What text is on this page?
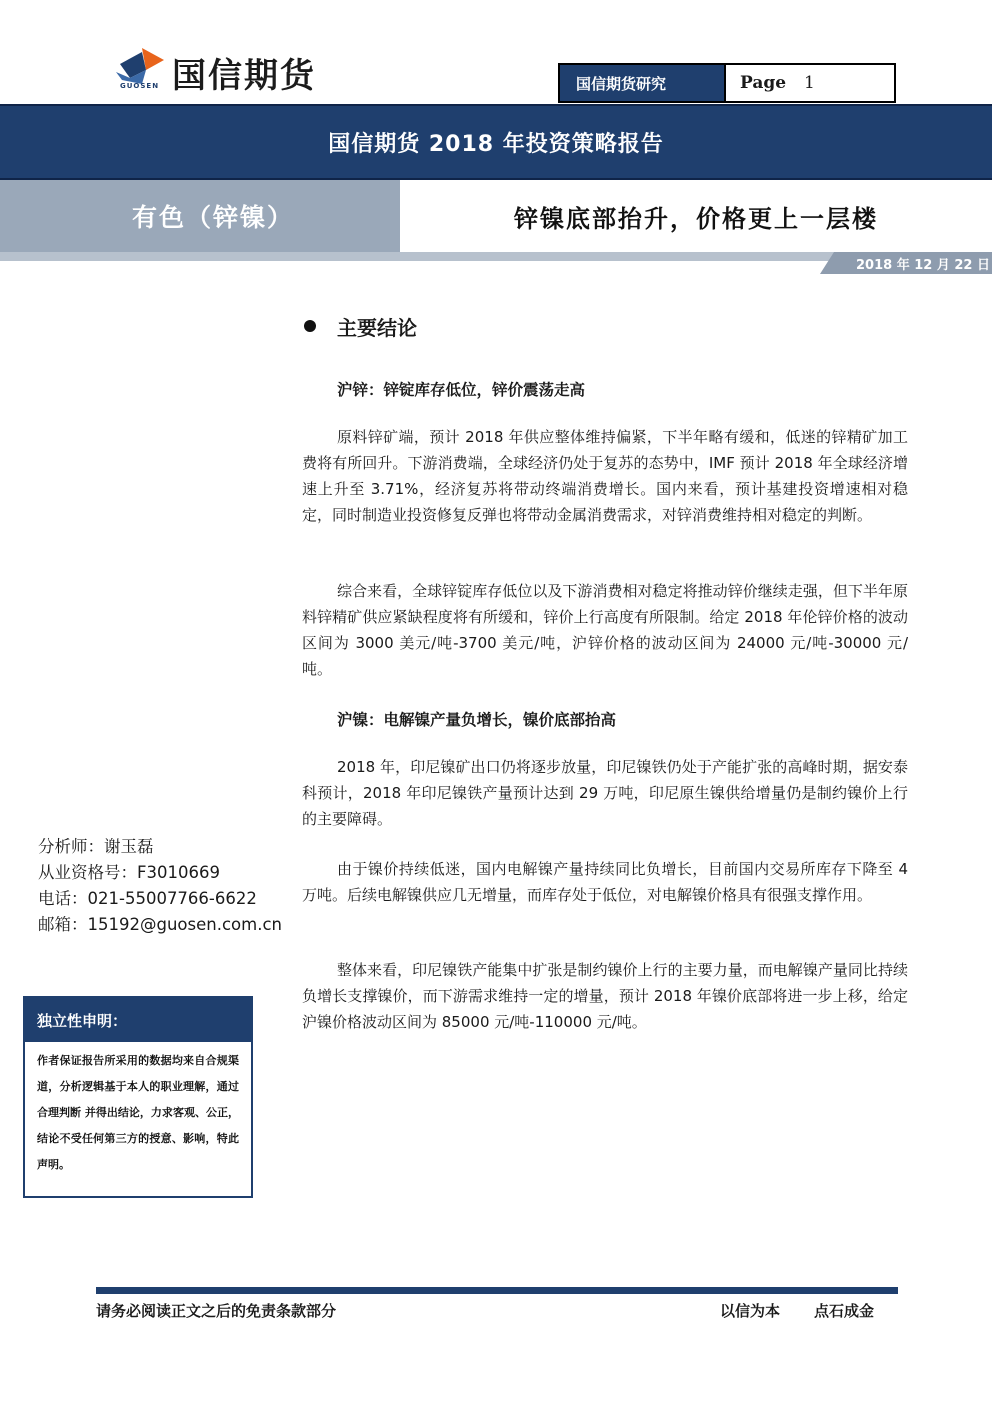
国信期货
GUOSEN	国信期货研究	Page 1
国信期货 2018 年投资策略报告
有色（锌镍）	锌镍底部抬升，价格更上一层楼
2018 年 12 月 22 日
主要结论
沪锌：锌锭库存低位，锌价震荡走高

原料锌矿端，预计 2018 年供应整体维持偏紧，下半年略有缓和，低迷的锌精矿加工费将有所回升。下游消费端，全球经济仍处于复苏的态势中，IMF 预计 2018 年全球经济增速上升至 3.71%，经济复苏将带动终端消费增长。国内来看，预计基建投资增速相对稳定，同时制造业投资修复反弹也将带动金属消费需求，对锌消费维持相对稳定的判断。

综合来看，全球锌锭库存低位以及下游消费相对稳定将推动锌价继续走强，但下半年原料锌精矿供应紧缺程度将有所缓和，锌价上行高度有所限制。给定 2018 年伦锌价格的波动区间为 3000 美元/吨-3700 美元/吨，沪锌价格的波动区间为 24000 元/吨-30000 元/吨。

沪镍：电解镍产量负增长，镍价底部抬高

2018 年，印尼镍矿出口仍将逐步放量，印尼镍铁仍处于产能扩张的高峰时期，据安泰科预计，2018 年印尼镍铁产量预计达到 29 万吨，印尼原生镍供给增量仍是制约镍价上行的主要障碍。

由于镍价持续低迷，国内电解镍产量持续同比负增长，目前国内交易所库存下降至 4 万吨。后续电解镍供应几无增量，而库存处于低位，对电解镍价格具有很强支撑作用。

整体来看，印尼镍铁产能集中扩张是制约镍价上行的主要力量，而电解镍产量同比持续负增长支撑镍价，而下游需求维持一定的增量，预计 2018 年镍价底部将进一步上移，给定沪镍价格波动区间为 85000 元/吨-110000 元/吨。

分析师：谢玉磊
从业资格号：F3010669
电话：021-55007766-6622
邮箱：15192@guosen.com.cn
独立性申明：
作者保证报告所采用的数据均来自合规渠道，分析逻辑基于本人的职业理解，通过合理判断 并得出结论，力求客观、公正，结论不受任何第三方的授意、影响，特此声明。
请务必阅读正文之后的免责条款部分	以信为本 点石成金
